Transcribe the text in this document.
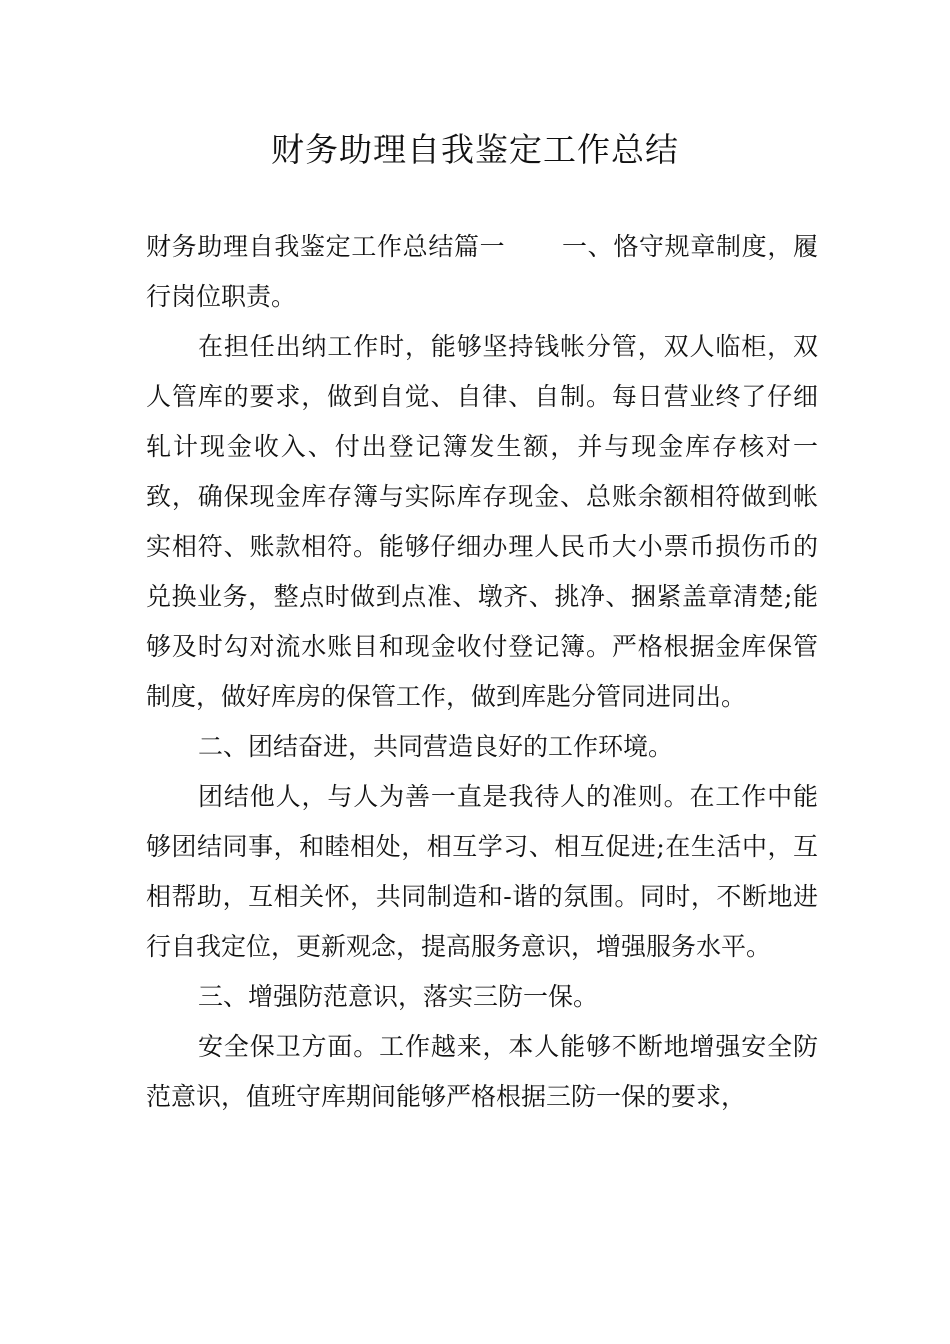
财务助理自我鉴定工作总结

财务助理自我鉴定工作总结篇一 一、恪守规章制度，履行岗位职责。

在担任出纳工作时，能够坚持钱帐分管，双人临柜，双人管库的要求，做到自觉、自律、自制。每日营业终了仔细轧计现金收入、付出登记簿发生额，并与现金库存核对一致，确保现金库存簿与实际库存现金、总账余额相符做到帐实相符、账款相符。能够仔细办理人民币大小票币损伤币的兑换业务，整点时做到点准、墩齐、挑净、捆紧盖章清楚;能够及时勾对流水账目和现金收付登记簿。严格根据金库保管制度，做好库房的保管工作，做到库匙分管同进同出。

二、团结奋进，共同营造良好的工作环境。

团结他人，与人为善一直是我待人的准则。在工作中能够团结同事，和睦相处，相互学习、相互促进;在生活中，互相帮助，互相关怀，共同制造和-谐的氛围。同时，不断地进行自我定位，更新观念，提高服务意识，增强服务水平。

三、增强防范意识，落实三防一保。

安全保卫方面。工作越来，本人能够不断地增强安全防范意识，值班守库期间能够严格根据三防一保的要求，
